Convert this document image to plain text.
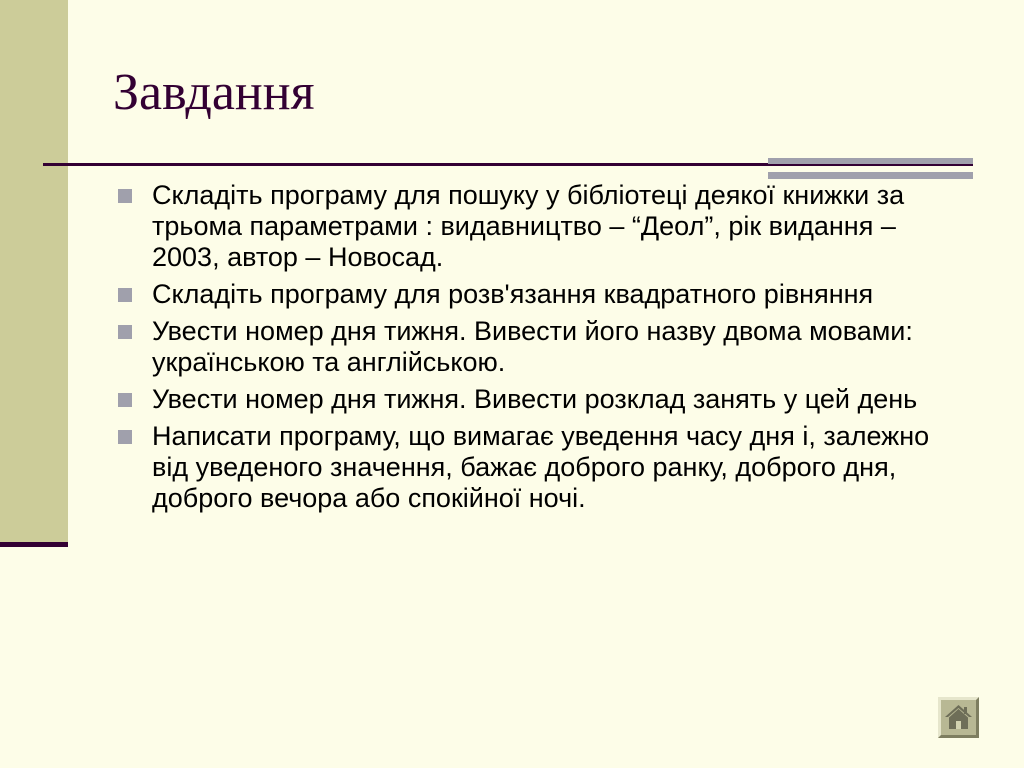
Завдання
Складіть програму для пошуку у бібліотеці деякої книжки за трьома параметрами : видавництво – “Деол”, рік видання – 2003, автор – Новосад.
Складіть програму для розв'язання квадратного рівняння
Увести номер дня тижня. Вивести його назву двома мовами: українською та англійською.
Увести номер дня тижня. Вивести розклад занять у цей день
Написати програму, що вимагає уведення часу дня і, залежно від уведеного значення, бажає доброго ранку, доброго дня, доброго вечора або спокійної ночі.
